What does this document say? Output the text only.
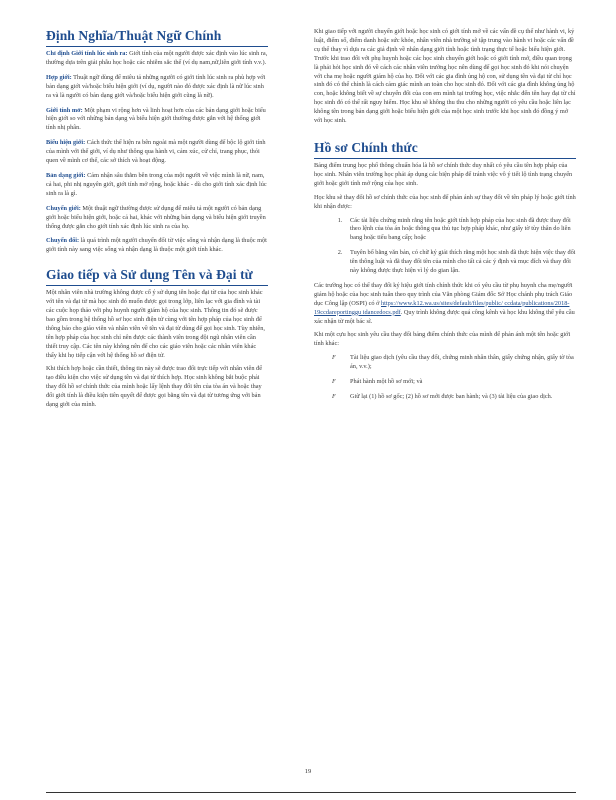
Định Nghĩa/Thuật Ngữ Chính
Chỉ định Giới tính lúc sinh ra: Giới tính của một người được xác định vào lúc sinh ra, thường dựa trên giải phẫu học hoặc các nhiễm sắc thể (ví dụ nam,nữ,liên giới tính v.v.).
Hợp giới: Thuật ngữ dùng để miêu tả những người có giới tính lúc sinh ra phù hợp với bản dạng giới và/hoặc biểu hiện giới (ví dụ, người nào đó được xác định là nữ lúc sinh ra và là người có bản dạng giới và/hoặc biểu hiện giới cũng là nữ).
Giới tính mở: Một phạm vi rộng hơn và linh hoạt hơn của các bản dạng giới hoặc biểu hiện giới so với những bản dạng và biểu hiện giới thường được gắn với hệ thống giới tính nhị phân.
Biểu hiện giới: Cách thức thể hiện ra bên ngoài mà một người dùng để bộc lộ giới tính của mình với thế giới, ví dụ như thông qua hành vi, cảm xúc, cử chỉ, trang phục, thói quen về mình cơ thể, các sở thích và hoạt động.
Bản dạng giới: Cảm nhận sâu thẳm bên trong của một người về việc mình là nữ, nam, cả hai, phi nhị nguyên giới, giới tính mở rộng, hoặc khác - dù cho giới tính xác định lúc sinh ra là gì.
Chuyển giới: Một thuật ngữ thường được sử dụng để miêu tả một người có bản dạng giới hoặc biểu hiện giới, hoặc cả hai, khác với những bản dạng và biểu hiện giới truyền thống được gắn cho giới tính xác định lúc sinh ra của họ.
Chuyển đổi: là quá trình một người chuyển đổi từ việc sống và nhận dạng là thuộc một giới tính này sang việc sống và nhận dạng là thuộc một giới tính khác.
Giao tiếp và Sử dụng Tên và Đại từ

Một nhân viên nhà trường không được cố ý sử dụng tên hoặc đại từ của học sinh khác với tên và đại từ mà học sinh đó muốn được gọi trong lớp, liên lạc với gia đình và tài các cuộc họp thảo với phụ huynh người giám hộ của học sinh. Thông tin đó sẽ được bao gồm trong hệ thống hồ sơ học sinh điện tử cùng với tên hợp pháp của học sinh để thông báo cho giáo viên và nhân viên về tên và đại từ dùng để gọi học sinh. Tùy nhiên, tên hợp pháp của học sinh chỉ nên được các thành viên trong đội ngũ nhân viên cần thiết truy cập. Các tên này không nên để cho các giáo viên hoặc các nhân viên khác thấy khi họ tiếp cận với hệ thống hồ sơ điện tử.

Khi thích hợp hoặc cần thiết, thông tin này sẽ được trao đổi trực tiếp với nhân viên để tạo điều kiện cho việc sử dụng tên và đại từ thích hợp. Học sinh không bắt buộc phải thay đổi hồ sơ chính thức của mình hoặc lấy lệnh thay đổi tên của tòa án và hoặc thay đổi giới tính là điều kiện tiên quyết để được gọi bằng tên và đại từ tương ứng với bản dạng giới của mình.

Khi giao tiếp với người chuyển giới hoặc học sinh có giới tính mở về các vấn đề cụ thể như hành vi, kỷ luật, điểm số, điểm danh hoặc sức khỏe, nhân viên nhà trường sẽ tập trung vào hành vi hoặc các vấn đề cụ thể thay vì dựa ra các giả định về nhân dạng giới tính hoặc tình trạng thực tế hoặc biểu hiện giới. Trước khi trao đổi với phụ huynh hoặc các học sinh chuyển giới hoặc có giới tính mở, điều quan trọng là phải hỏi học sinh đó về cách các nhân viên trường học nên dùng để gọi học sinh đó khi nói chuyện với cha mẹ hoặc người giám hộ của họ. Đối với các gia đình ủng hộ con, sử dụng tên và đại từ chỉ học sinh đó có thể chỉnh là cách cảm giác mình an toàn cho học sinh đó. Đối với các gia đình không ủng hộ con, hoặc không biết về sự chuyển đổi của con em mình tại trường học, việc nhắc đến tên hay đại từ chỉ học sinh đó có thể rất nguy hiểm. Học khu sẽ không thu thu cho những người có yêu cầu hoặc liên lạc không tên trong bản dạng giới hoặc biểu hiện giới của một học sinh trước khi học sinh đó đồng ý mở với học sinh.

Hồ sơ Chính thức

Bảng điểm trung học phổ thông chuẩn hóa là hồ sơ chính thức duy nhất có yêu cầu tên hợp pháp của học sinh. Nhân viên trường học phải áp dụng các biện pháp để tránh việc vô ý tiết lộ tình trạng chuyển giới hoặc giới tính mở rộng của học sinh.

Học khu sẽ thay đổi hồ sơ chính thức của học sinh để phản ánh sự thay đổi về tên pháp lý hoặc giới tính khi nhận được:

1. Các tài liệu chứng minh rằng tên hoặc giới tính hợp pháp của học sinh đã được thay đổi theo lệnh của tòa án hoặc thông qua thủ tục hợp pháp khác, như giấy tờ tùy thân do liên bang hoặc tiểu bang cấp; hoặc
2. Tuyên bố bằng văn bản, có chữ ký giải thích rằng một học sinh đã thực hiện việc thay đổi tên thông luật và đã thay đổi tên của mình cho tất cả các ý định và mục đích và thay đổi này không được thực hiện vì lý do gian lận.

Các trường học có thể thay đổi ký hiệu giới tính chính thức khi có yêu cầu từ phụ huynh cha mẹ/người giám hộ hoặc của học sinh tuân theo quy trình của Văn phòng Giám đốc Sở Học chánh phụ trách Giáo dục Công lập (OSPI) có ở https://www.k12.wa.us/sites/default/files/public/ ccdata/publications/2018-19ccdareportinggu idancedocs.pdf. Quy trình không được quá công kênh và học khu không thể yêu cầu xác nhận từ một bác sĩ.

Khi một cựu học sinh yêu cầu thay đổi bảng điểm chính thức của mình để phản ánh một tên hoặc giới tính khác:

F Tài liệu giao dịch (yêu cầu thay đổi, chứng minh nhân thân, giấy chứng nhận, giấy tờ tòa án, v.v.);
F Phát hành một hồ sơ mới; và
F Giữ lại (1) hồ sơ gốc; (2) hồ sơ mới được ban hành; và (3) tài liệu của giao dịch.
19
